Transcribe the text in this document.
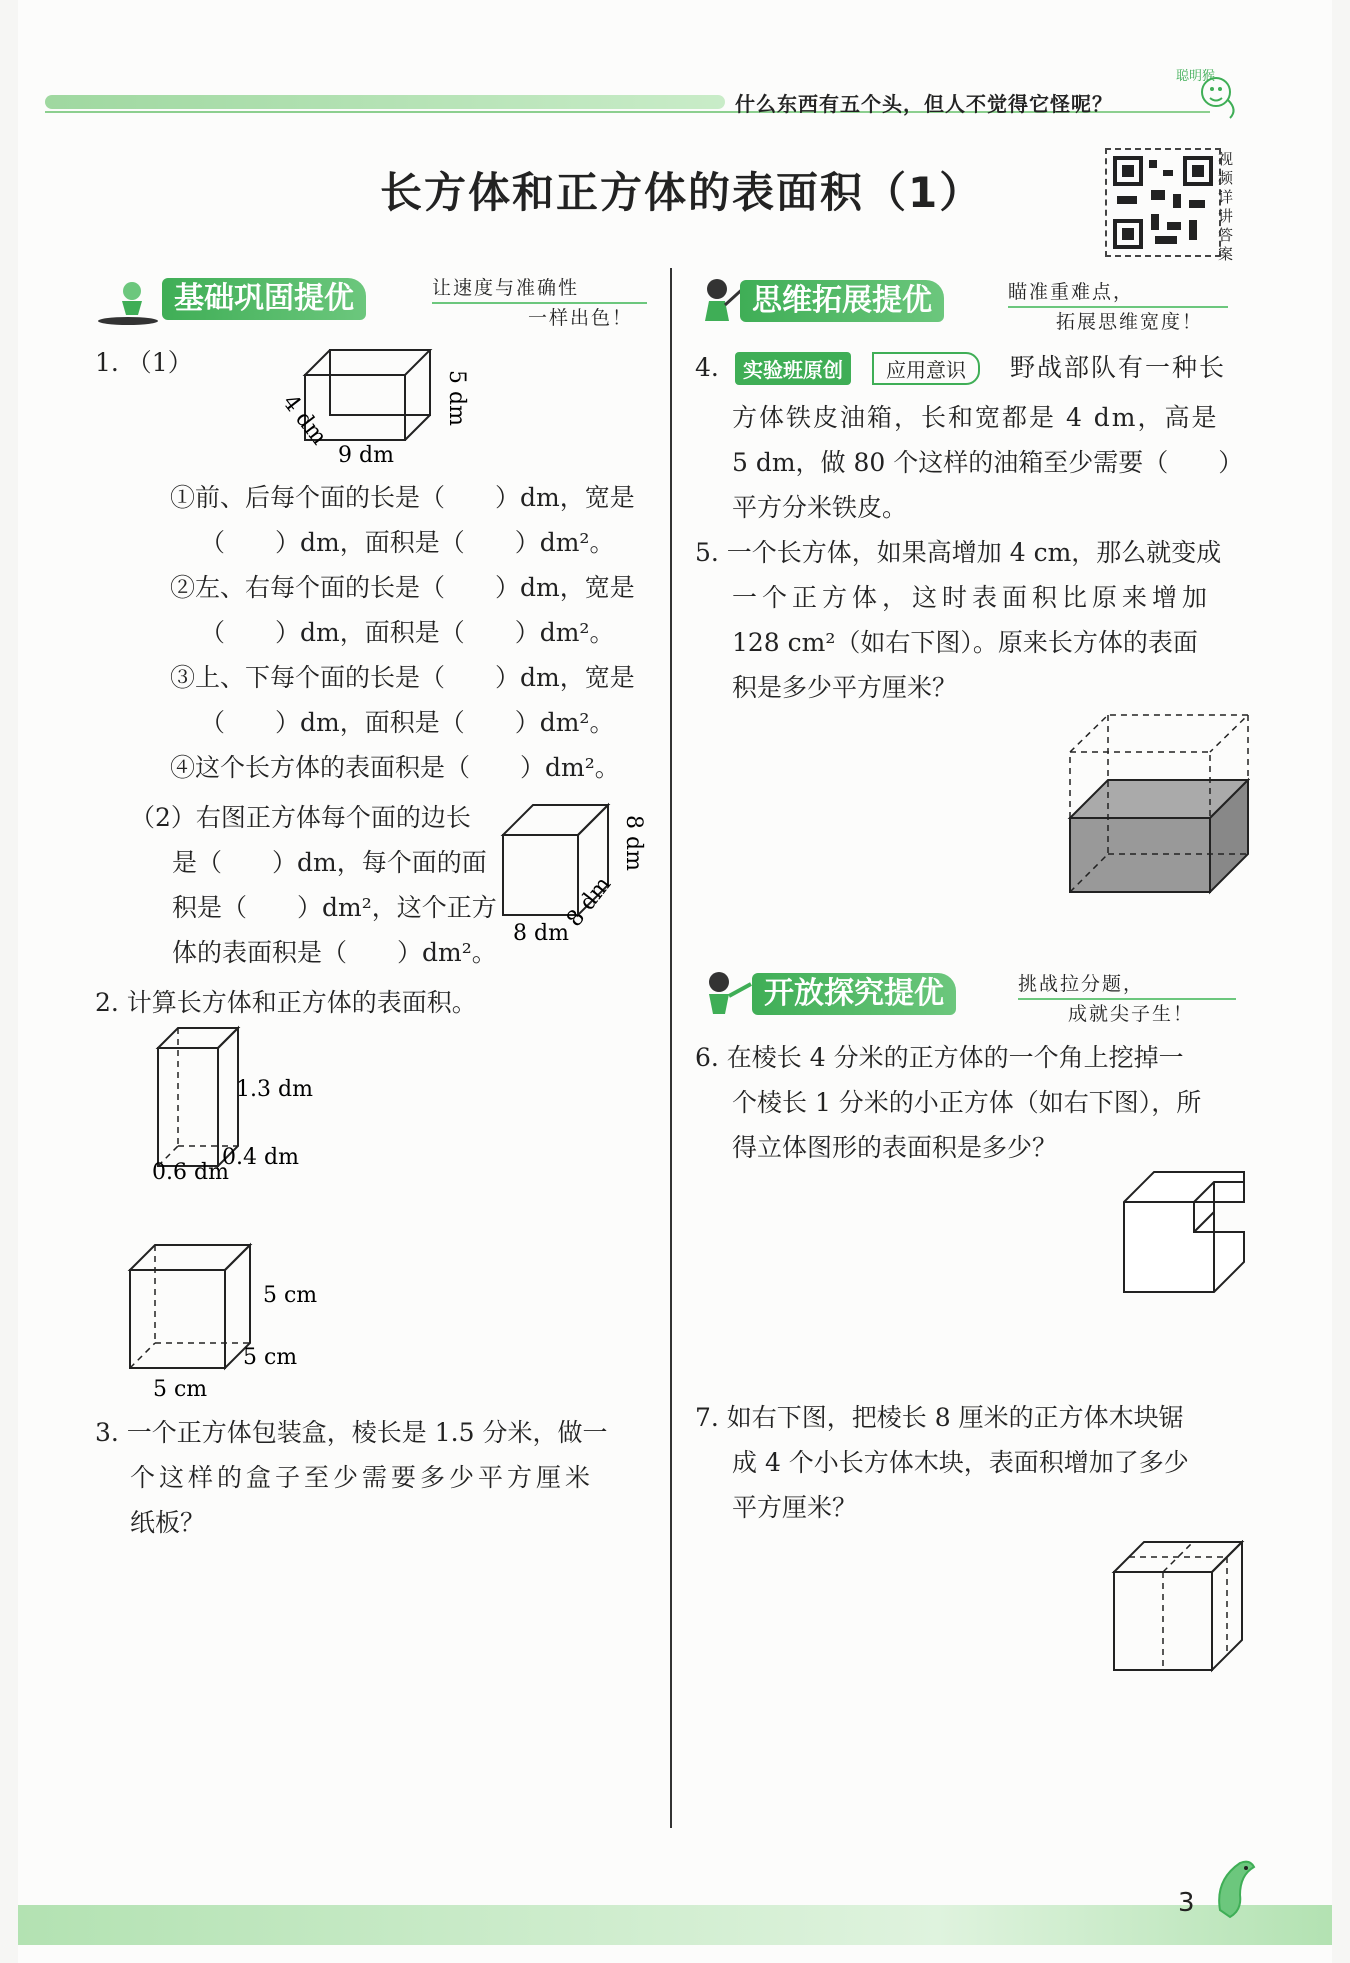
什么东西有五个头，但人不觉得它怪呢？
聪明猴
长方体和正方体的表面积（1）
视频详讲答案
基础巩固提优	让速度与准确性
一样出色！
1. （1）
9 dm
4 dm	5 dm
①前、后每个面的长是（　　）dm，宽是
（　　）dm，面积是（　　）dm²。
②左、右每个面的长是（　　）dm，宽是
（　　）dm，面积是（　　）dm²。
③上、下每个面的长是（　　）dm，宽是
（　　）dm，面积是（　　）dm²。
④这个长方体的表面积是（　　）dm²。
（2）右图正方体每个面的边长
是（　　）dm，每个面的面
积是（　　）dm²，这个正方
体的表面积是（　　）dm²。
8 dm
8 dm
8 dm
2. 计算长方体和正方体的表面积。
1.3 dm
0.4 dm
0.6 dm
5 cm
5 cm
5 cm
3. 一个正方体包装盒，棱长是 1.5 分米，做一
个这样的盒子至少需要多少平方厘米
纸板？
思维拓展提优	瞄准重难点，
拓展思维宽度！
4.	实验班原创	应用意识	野战部队有一种长
方体铁皮油箱，长和宽都是 4 dm，高是
5 dm，做 80 个这样的油箱至少需要（　　）
平方分米铁皮。
5. 一个长方体，如果高增加 4 cm，那么就变成
一个正方体，这时表面积比原来增加
128 cm²（如右下图）。原来长方体的表面
积是多少平方厘米？
开放探究提优	挑战拉分题，
成就尖子生！
6. 在棱长 4 分米的正方体的一个角上挖掉一
个棱长 1 分米的小正方体（如右下图），所
得立体图形的表面积是多少？
7. 如右下图，把棱长 8 厘米的正方体木块锯
成 4 个小长方体木块，表面积增加了多少
平方厘米？
3
